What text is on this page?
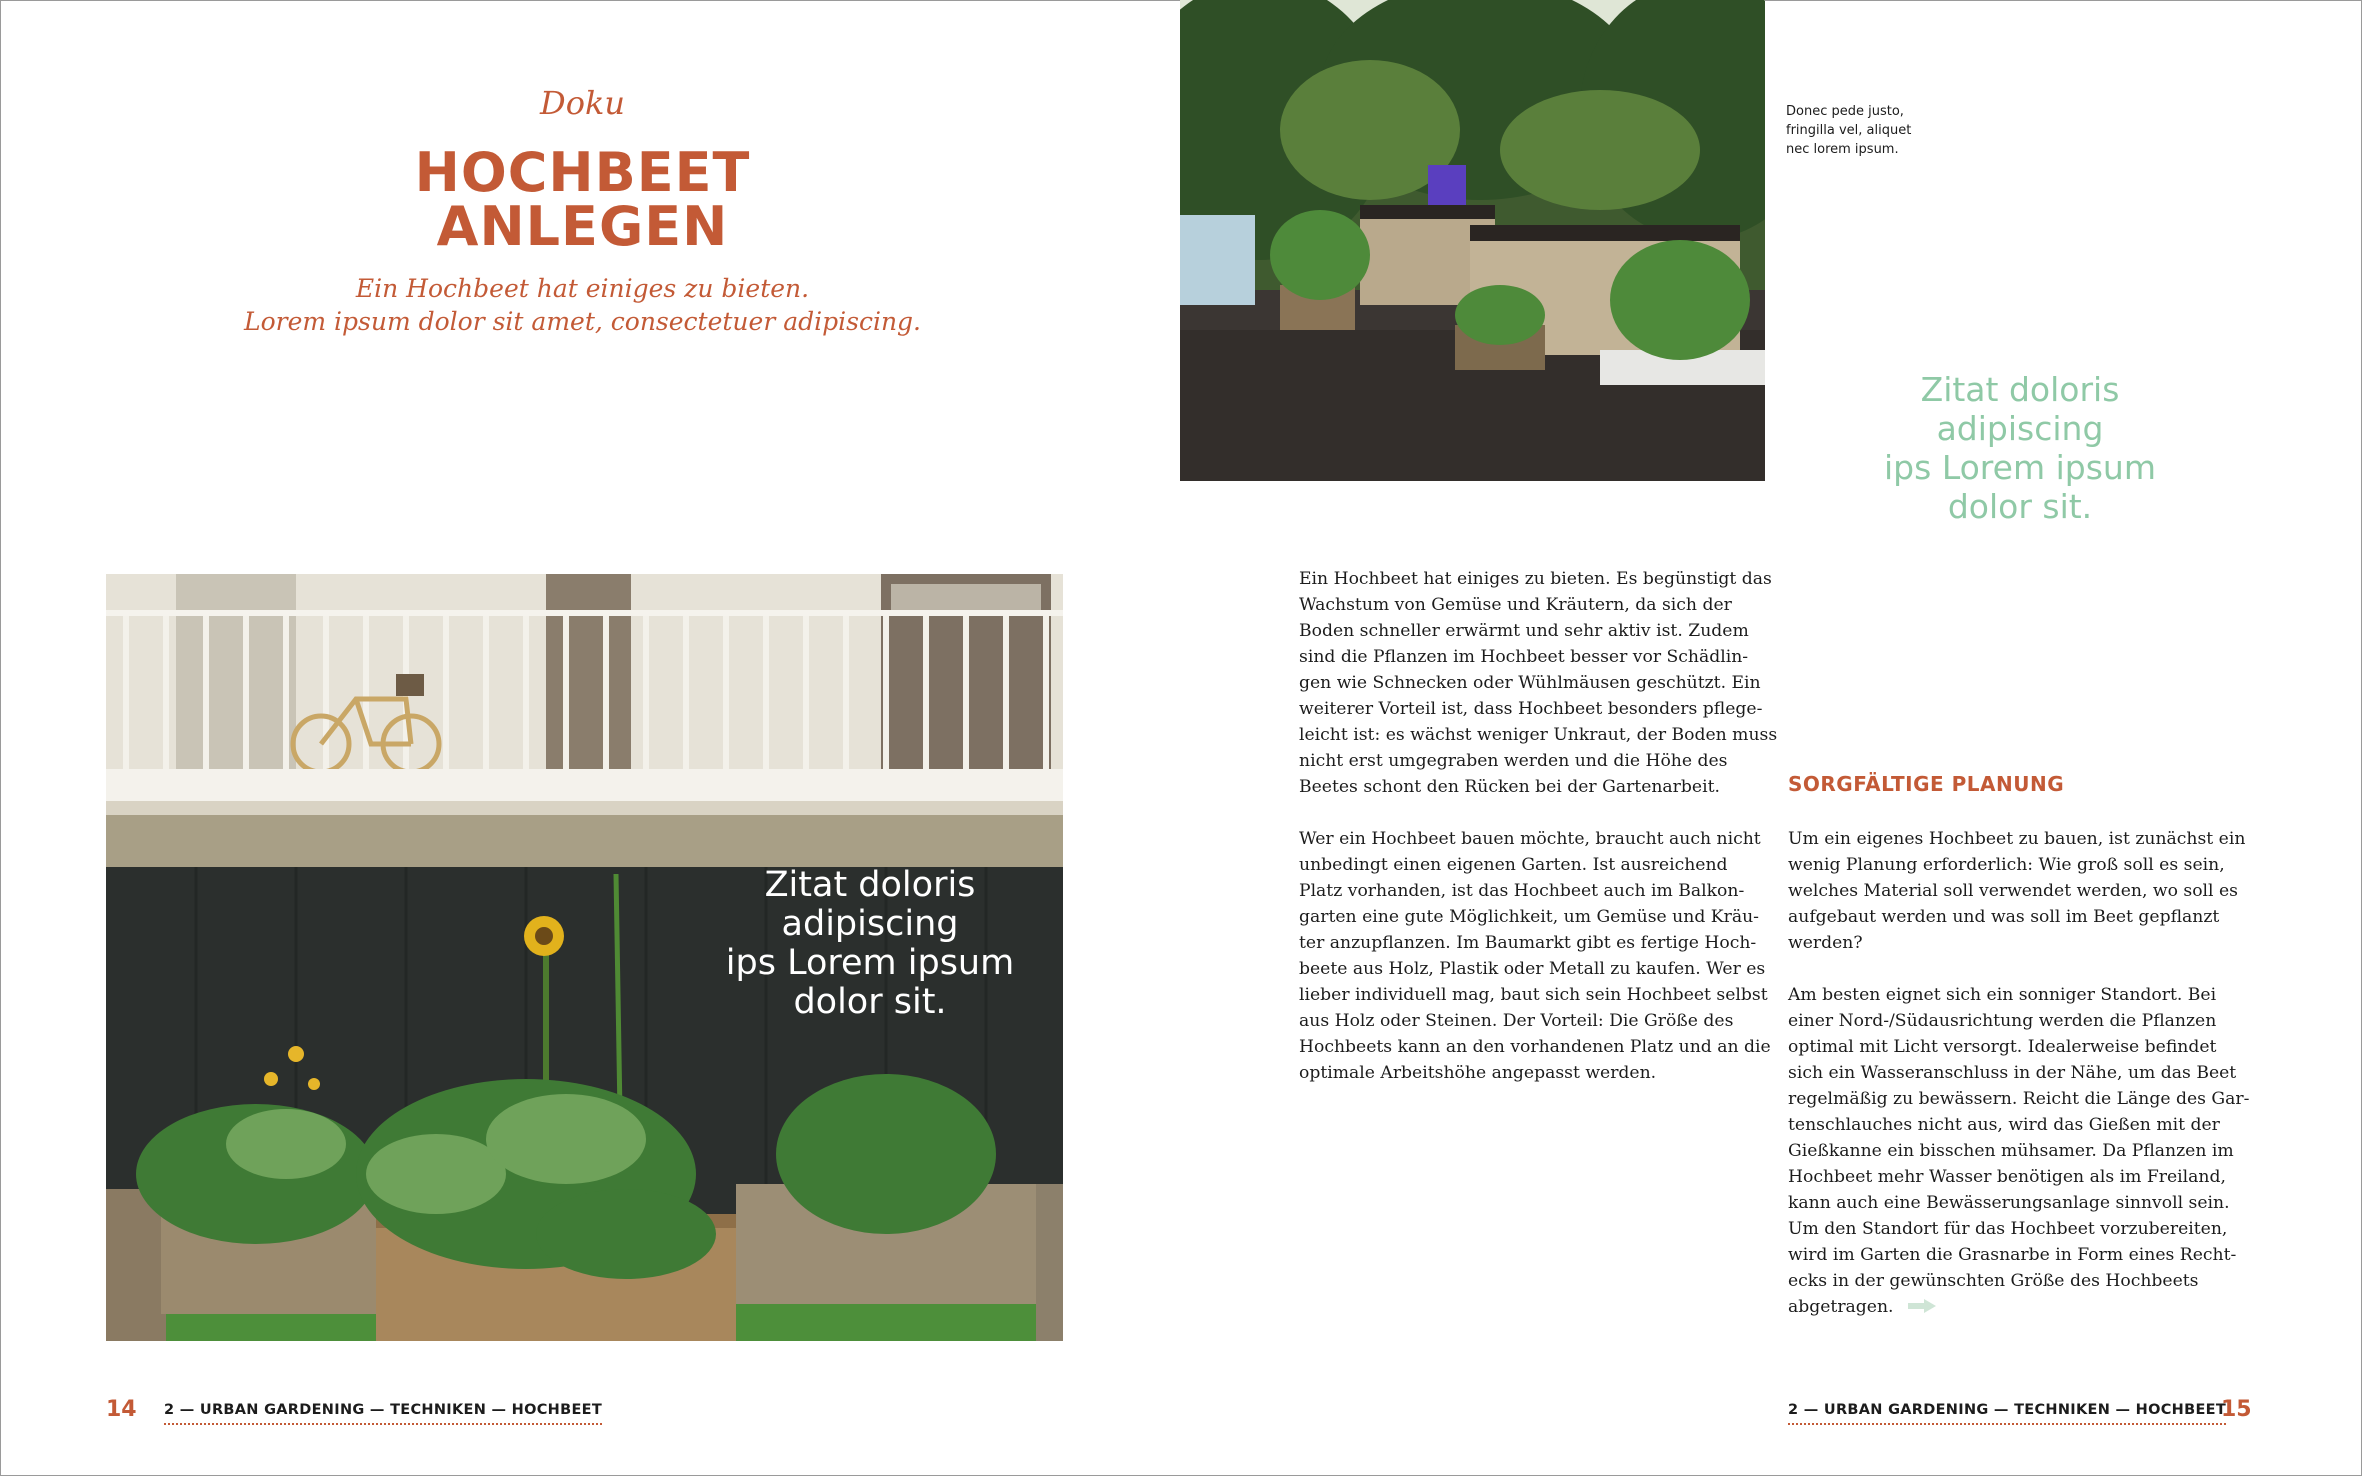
Doku
HOCHBEET
ANLEGEN
Ein Hochbeet hat einiges zu bieten.
Lorem ipsum dolor sit amet, consectetuer adipiscing.
Zitat doloris
adipiscing
ips Lorem ipsum
dolor sit.
14 2 — URBAN GARDENING — TECHNIKEN — HOCHBEET
Donec pede justo,
fringilla vel, aliquet
nec lorem ipsum.
Zitat doloris
adipiscing
ips Lorem ipsum
dolor sit.

Ein Hochbeet hat einiges zu bieten. Es begünstigt das
Wachstum von Gemüse und Kräutern, da sich der
Boden schneller erwärmt und sehr aktiv ist. Zudem
sind die Pflanzen im Hochbeet besser vor Schädlin-
gen wie Schnecken oder Wühlmäusen geschützt. Ein
weiterer Vorteil ist, dass Hochbeet besonders pflege-
leicht ist: es wächst weniger Unkraut, der Boden muss
nicht erst umgegraben werden und die Höhe des
Beetes schont den Rücken bei der Gartenarbeit.

Wer ein Hochbeet bauen möchte, braucht auch nicht
unbedingt einen eigenen Garten. Ist ausreichend
Platz vorhanden, ist das Hochbeet auch im Balkon-
garten eine gute Möglichkeit, um Gemüse und Kräu-
ter anzupflanzen. Im Baumarkt gibt es fertige Hoch-
beete aus Holz, Plastik oder Metall zu kaufen. Wer es
lieber individuell mag, baut sich sein Hochbeet selbst
aus Holz oder Steinen. Der Vorteil: Die Größe des
Hochbeets kann an den vorhandenen Platz und an die
optimale Arbeitshöhe angepasst werden.

SORGFÄLTIGE PLANUNG

Um ein eigenes Hochbeet zu bauen, ist zunächst ein
wenig Planung erforderlich: Wie groß soll es sein,
welches Material soll verwendet werden, wo soll es
aufgebaut werden und was soll im Beet gepflanzt
werden?

Am besten eignet sich ein sonniger Standort. Bei
einer Nord-/Südausrichtung werden die Pflanzen
optimal mit Licht versorgt. Idealerweise befindet
sich ein Wasseranschluss in der Nähe, um das Beet
regelmäßig zu bewässern. Reicht die Länge des Gar-
tenschlauches nicht aus, wird das Gießen mit der
Gießkanne ein bisschen mühsamer. Da Pflanzen im
Hochbeet mehr Wasser benötigen als im Freiland,
kann auch eine Bewässerungsanlage sinnvoll sein.
Um den Standort für das Hochbeet vorzubereiten,
wird im Garten die Grasnarbe in Form eines Recht-
ecks in der gewünschten Größe des Hochbeets
abgetragen.

2 — URBAN GARDENING — TECHNIKEN — HOCHBEET
15
